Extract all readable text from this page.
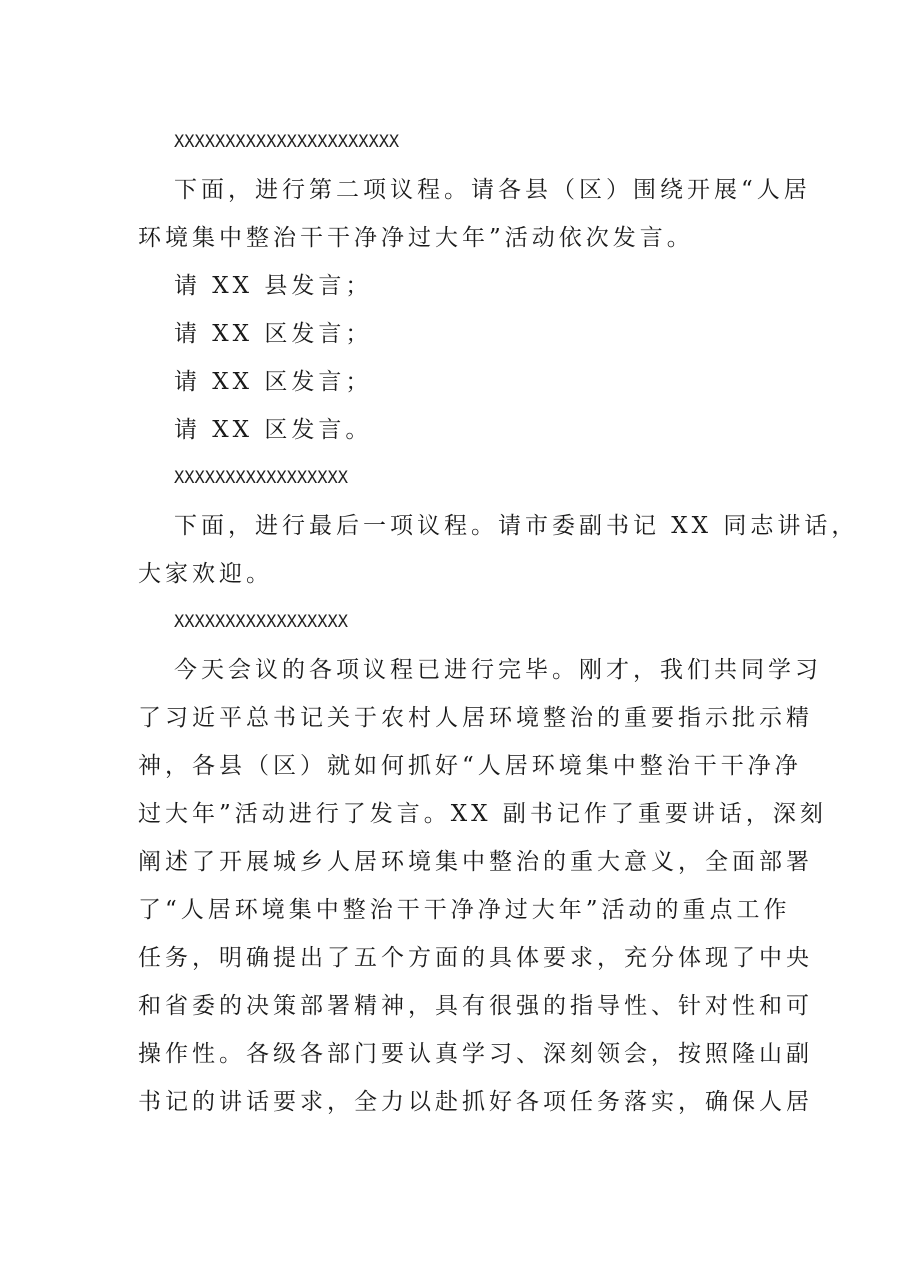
XXXXXXXXXXXXXXXXXXXXXX

下面，进行第二项议程。请各县（区）围绕开展“人居

环境集中整治干干净净过大年”活动依次发言。

请 XX 县发言；

请 XX 区发言；

请 XX 区发言；

请 XX 区发言。

XXXXXXXXXXXXXXXXX

下面，进行最后一项议程。请市委副书记 XX 同志讲话，

大家欢迎。

XXXXXXXXXXXXXXXXX

今天会议的各项议程已进行完毕。刚才，我们共同学习

了习近平总书记关于农村人居环境整治的重要指示批示精

神，各县（区）就如何抓好“人居环境集中整治干干净净

过大年”活动进行了发言。XX 副书记作了重要讲话，深刻

阐述了开展城乡人居环境集中整治的重大意义，全面部署

了“人居环境集中整治干干净净过大年”活动的重点工作

任务，明确提出了五个方面的具体要求，充分体现了中央

和省委的决策部署精神，具有很强的指导性、针对性和可

操作性。各级各部门要认真学习、深刻领会，按照隆山副

书记的讲话要求，全力以赴抓好各项任务落实，确保人居
